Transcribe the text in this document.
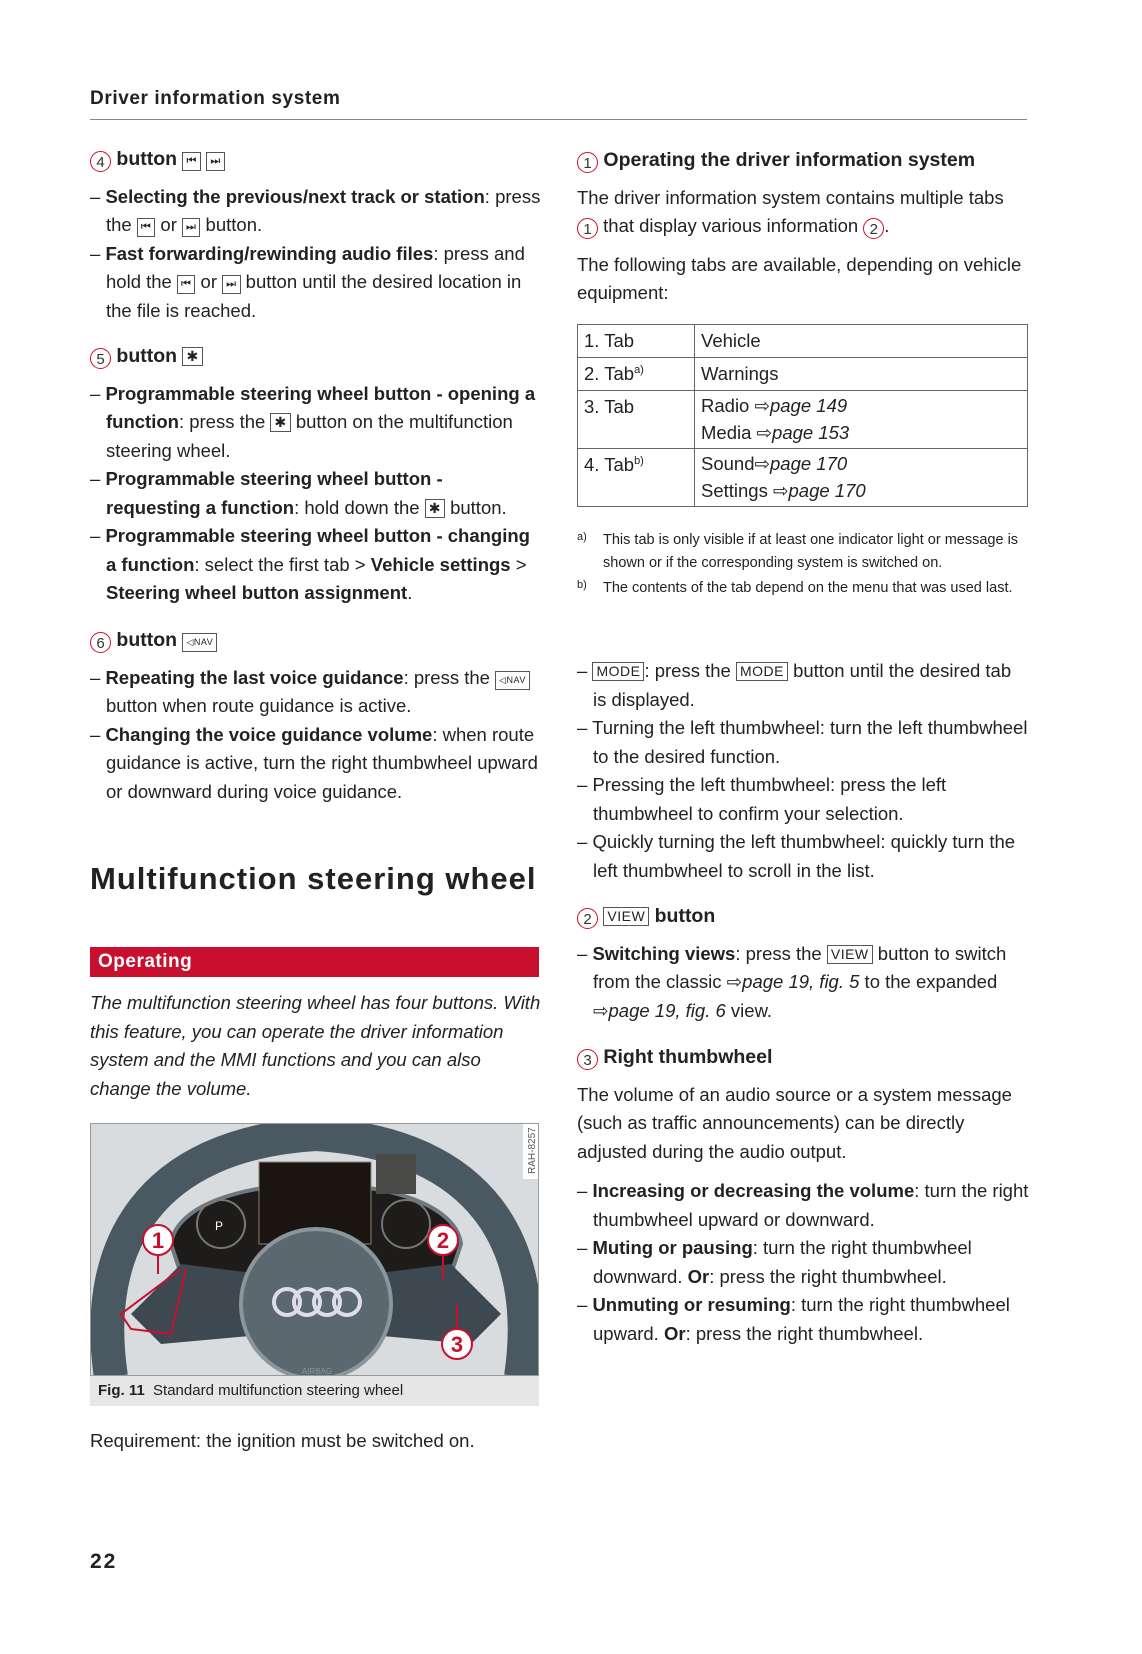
Driver information system
4 button ⏮ ⏭
– Selecting the previous/next track or station: press the ⏮ or ⏭ button.
– Fast forwarding/rewinding audio files: press and hold the ⏮ or ⏭ button until the desired location in the file is reached.
5 button ✱
– Programmable steering wheel button - opening a function: press the ✱ button on the multifunction steering wheel.
– Programmable steering wheel button - requesting a function: hold down the ✱ button.
– Programmable steering wheel button - changing a function: select the first tab > Vehicle settings > Steering wheel button assignment.
6 button ◁NAV
– Repeating the last voice guidance: press the ◁NAV button when route guidance is active.
– Changing the voice guidance volume: when route guidance is active, turn the right thumbwheel upward or downward during voice guidance.
Multifunction steering wheel
Operating
The multifunction steering wheel has four buttons. With this feature, you can operate the driver information system and the MMI functions and you can also change the volume.
P
AIRBAG
1	2
3
RAH-8257
Fig. 11 Standard multifunction steering wheel
Requirement: the ignition must be switched on.
22
1 Operating the driver information system
The driver information system contains multiple tabs 1 that display various information 2 .
The following tabs are available, depending on vehicle equipment:
1. Tab	Vehicle

2. Tab$^{a)}$	Warnings

3. Tab	Radio ⇨page 149
Media ⇨page 153

4. Tab$^{b)}$	Sound⇨page 170
Settings ⇨page 170
a)	This tab is only visible if at least one indicator light or message is shown or if the corresponding system is switched on.
b)	The contents of the tab depend on the menu that was used last.
– MODE : press the MODE button until the desired tab is displayed.
– Turning the left thumbwheel: turn the left thumbwheel to the desired function.
– Pressing the left thumbwheel: press the left thumbwheel to confirm your selection.
– Quickly turning the left thumbwheel: quickly turn the left thumbwheel to scroll in the list.
2 VIEW button
– Switching views: press the VIEW button to switch from the classic ⇨page 19, fig. 5 to the expanded ⇨page 19, fig. 6 view.
3 Right thumbwheel
The volume of an audio source or a system message (such as traffic announcements) can be directly adjusted during the audio output.
– Increasing or decreasing the volume: turn the right thumbwheel upward or downward.
– Muting or pausing: turn the right thumbwheel downward. Or: press the right thumbwheel.
– Unmuting or resuming: turn the right thumbwheel upward. Or: press the right thumbwheel.
